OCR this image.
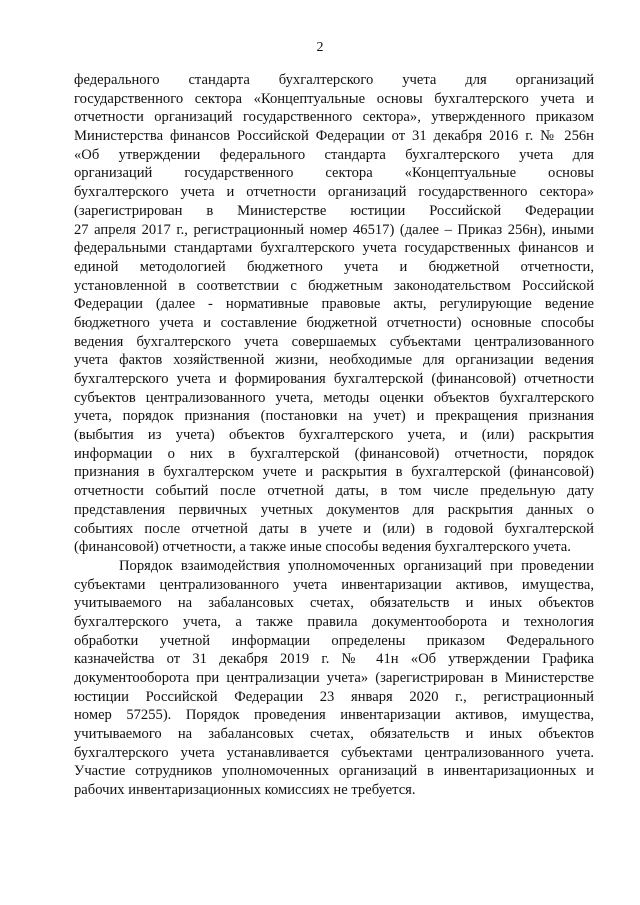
2
федерального стандарта бухгалтерского учета для организаций
государственного сектора «Концептуальные основы бухгалтерского учета и
отчетности организаций государственного сектора», утвержденного приказом
Министерства финансов Российской Федерации от 31 декабря 2016 г. № 256н
«Об утверждении федерального стандарта бухгалтерского учета для
организаций государственного сектора «Концептуальные основы
бухгалтерского учета и отчетности организаций государственного сектора»
(зарегистрирован в Министерстве юстиции Российской Федерации
27 апреля 2017 г., регистрационный номер 46517) (далее – Приказ 256н), иными
федеральными стандартами бухгалтерского учета государственных финансов и
единой методологией бюджетного учета и бюджетной отчетности,
установленной в соответствии с бюджетным законодательством Российской
Федерации (далее - нормативные правовые акты, регулирующие ведение
бюджетного учета и составление бюджетной отчетности) основные способы
ведения бухгалтерского учета совершаемых субъектами централизованного
учета фактов хозяйственной жизни, необходимые для организации ведения
бухгалтерского учета и формирования бухгалтерской (финансовой) отчетности
субъектов централизованного учета, методы оценки объектов бухгалтерского
учета, порядок признания (постановки на учет) и прекращения признания
(выбытия из учета) объектов бухгалтерского учета, и (или) раскрытия
информации о них в бухгалтерской (финансовой) отчетности, порядок
признания в бухгалтерском учете и раскрытия в бухгалтерской (финансовой)
отчетности событий после отчетной даты, в том числе предельную дату
представления первичных учетных документов для раскрытия данных о
событиях после отчетной даты в учете и (или) в годовой бухгалтерской
(финансовой) отчетности, а также иные способы ведения бухгалтерского учета.
Порядок взаимодействия уполномоченных организаций при проведении
субъектами централизованного учета инвентаризации активов, имущества,
учитываемого на забалансовых счетах, обязательств и иных объектов
бухгалтерского учета, а также правила документооборота и технология
обработки учетной информации определены приказом Федерального
казначейства от 31 декабря 2019 г. № 41н «Об утверждении Графика
документооборота при централизации учета» (зарегистрирован в Министерстве
юстиции Российской Федерации 23 января 2020 г., регистрационный
номер 57255). Порядок проведения инвентаризации активов, имущества,
учитываемого на забалансовых счетах, обязательств и иных объектов
бухгалтерского учета устанавливается субъектами централизованного учета.
Участие сотрудников уполномоченных организаций в инвентаризационных и
рабочих инвентаризационных комиссиях не требуется.
